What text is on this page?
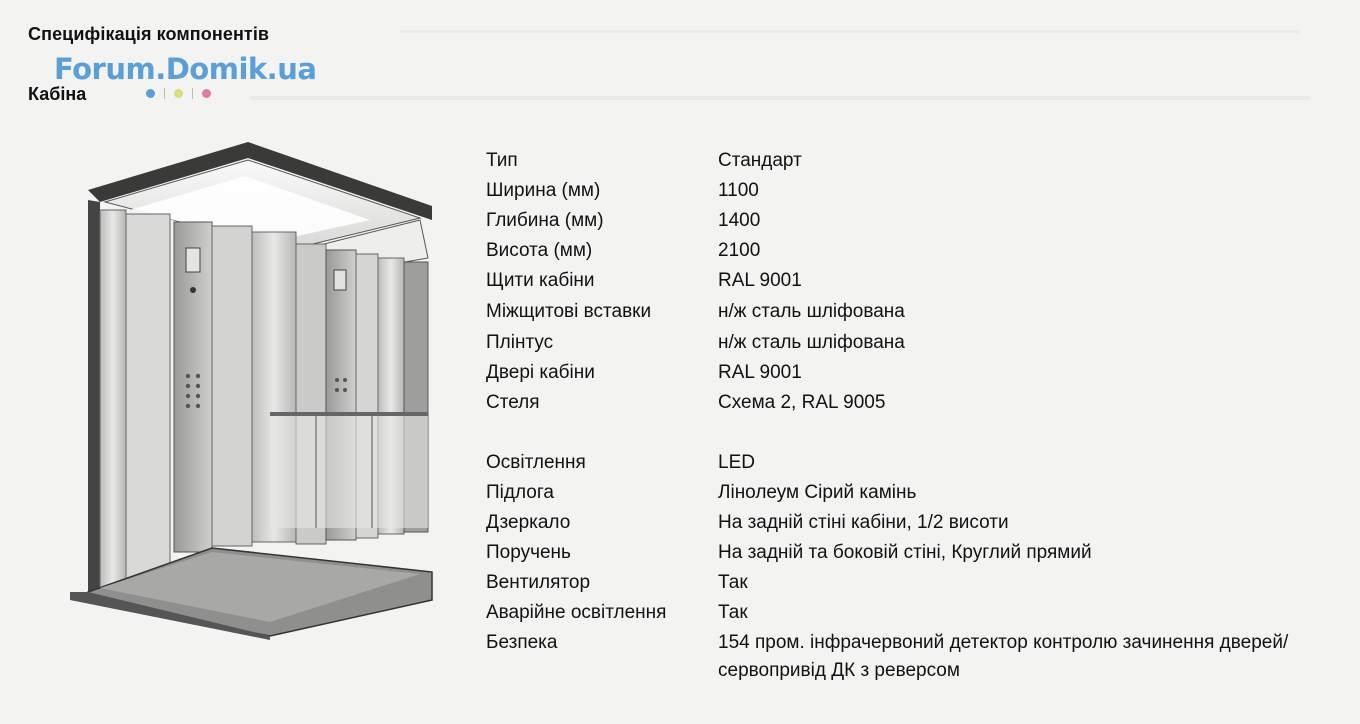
Специфікація компонентів
Forum.Domik.ua
Кабіна
Тип	Стандарт
Ширина (мм)	1100
Глибина (мм)	1400
Висота (мм)	2100
Щити кабіни	RAL 9001
Міжщитові вставки	н/ж сталь шліфована
Плінтус	н/ж сталь шліфована
Двері кабіни	RAL 9001
Стеля	Схема 2, RAL 9005
Освітлення	LED
Підлога	Лінолеум Сірий камінь
Дзеркало	На задній стіні кабіни, 1/2 висоти
Поручень	На задній та боковій стіні, Круглий прямий
Вентилятор	Так
Аварійне освітлення	Так
Безпека	154 пром. інфрачервоний детектор контролю зачинення дверей/
сервопривід ДК з реверсом
